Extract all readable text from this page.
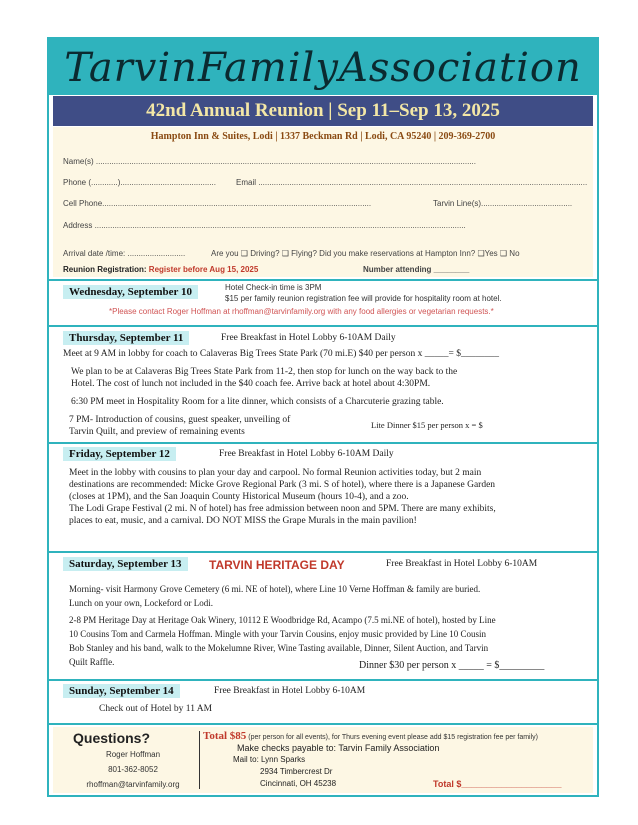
TarvinFamilyAssociation
42nd Annual Reunion | Sep 11–Sep 13, 2025
Hampton Inn & Suites, Lodi | 1337 Beckman Rd | Lodi, CA 95240 | 209-369-2700
Name(s) ...........................................................................................................................................................................
Phone (............)...........................................	Email ....................................................................................................................................................
Cell Phone.........................................................................................................................	Tarvin Line(s).........................................
Address .......................................................................................................................................................................
Arrival date /time: ..........................	Are you ❑ Driving? ❑ Flying? Did you make reservations at Hampton Inn? ❑Yes ❑ No
Reunion Registration: Register before Aug 15, 2025	Number attending ________
Wednesday, September 10	Hotel Check-in time is 3PM
$15 per family reunion registration fee will provide for hospitality room at hotel.
*Please contact Roger Hoffman at rhoffman@tarvinfamily.org with any food allergies or vegetarian requests.*
Thursday, September 11	Free Breakfast in Hotel Lobby 6-10AM Daily
Meet at 9 AM in lobby for coach to Calaveras Big Trees State Park (70 mi.E) $40 per person x _____= $________
We plan to be at Calaveras Big Trees State Park from 11-2, then stop for lunch on the way back to the
Hotel. The cost of lunch not included in the $40 coach fee. Arrive back at hotel about 4:30PM.
6:30 PM meet in Hospitality Room for a lite dinner, which consists of a Charcuterie grazing table.
7 PM- Introduction of cousins, guest speaker, unveiling of
Tarvin Quilt, and preview of remaining events
Lite Dinner $15 per person x = $
Friday, September 12	Free Breakfast in Hotel Lobby 6-10AM Daily
Meet in the lobby with cousins to plan your day and carpool. No formal Reunion activities today, but 2 main
destinations are recommended: Micke Grove Regional Park (3 mi. S of hotel), where there is a Japanese Garden
(closes at 1PM), and the San Joaquin County Historical Museum (hours 10-4), and a zoo.
The Lodi Grape Festival (2 mi. N of hotel) has free admission between noon and 5PM. There are many exhibits,
places to eat, music, and a carnival. DO NOT MISS the Grape Murals in the main pavilion!
Saturday, September 13	TARVIN HERITAGE DAY	Free Breakfast in Hotel Lobby 6-10AM
Morning- visit Harmony Grove Cemetery (6 mi. NE of hotel), where Line 10 Verne Hoffman & family are buried.
Lunch on your own, Lockeford or Lodi.
2-8 PM Heritage Day at Heritage Oak Winery, 10112 E Woodbridge Rd, Acampo (7.5 mi.NE of hotel), hosted by Line
10 Cousins Tom and Carmela Hoffman. Mingle with your Tarvin Cousins, enjoy music provided by Line 10 Cousin
Bob Stanley and his band, walk to the Mokelumne River, Wine Tasting available, Dinner, Silent Auction, and Tarvin
Quilt Raffle.	Dinner $30 per person x _____ = $_________
Sunday, September 14	Free Breakfast in Hotel Lobby 6-10AM
Check out of Hotel by 11 AM
Questions?
Roger Hoffman
801-362-8052
rhoffman@tarvinfamily.org
Total $85 (per person for all events), for Thurs evening event please add $15 registration fee per family)
Make checks payable to: Tarvin Family Association
Mail to: Lynn Sparks
2934 Timbercrest Dr
Cincinnati, OH 45238	Total $____________________
